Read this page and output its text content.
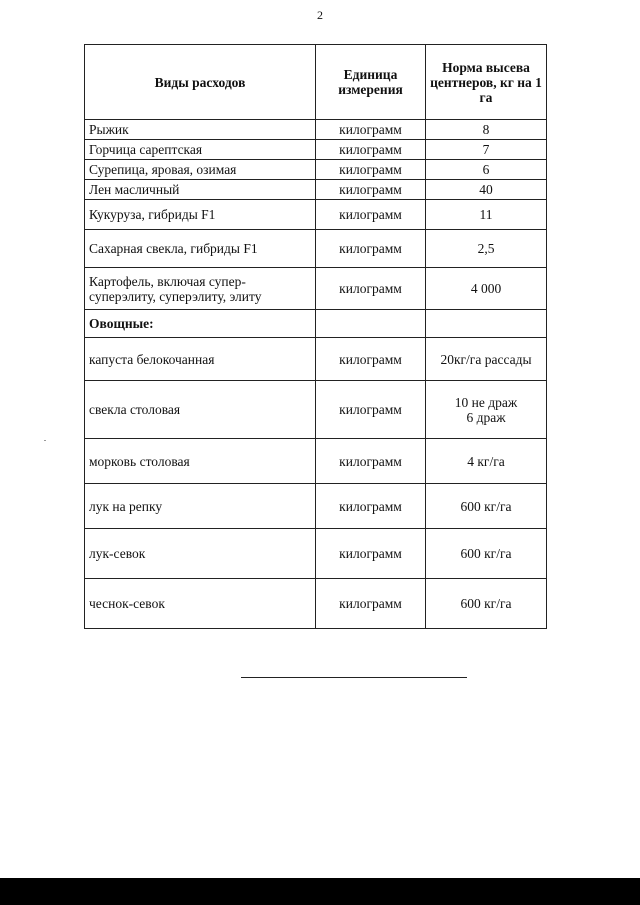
2
Виды расходов	Единица измерения	Норма высева центнеров, кг на 1 га
Рыжик	килограмм	8
Горчица сарептская	килограмм	7
Сурепица, яровая, озимая	килограмм	6
Лен масличный	килограмм	40
Кукуруза, гибриды F1	килограмм	11
Сахарная свекла, гибриды F1	килограмм	2,5
Картофель, включая супер-суперэлиту, суперэлиту, элиту	килограмм	4 000
Овощные:		
капуста белокочанная	килограмм	20кг/га рассады
свекла столовая	килограмм	10 не драж
6 драж

морковь столовая	килограмм	4 кг/га
лук на репку	килограмм	600 кг/га
лук-севок	килограмм	600 кг/га
чеснок-севок	килограмм	600 кг/га
